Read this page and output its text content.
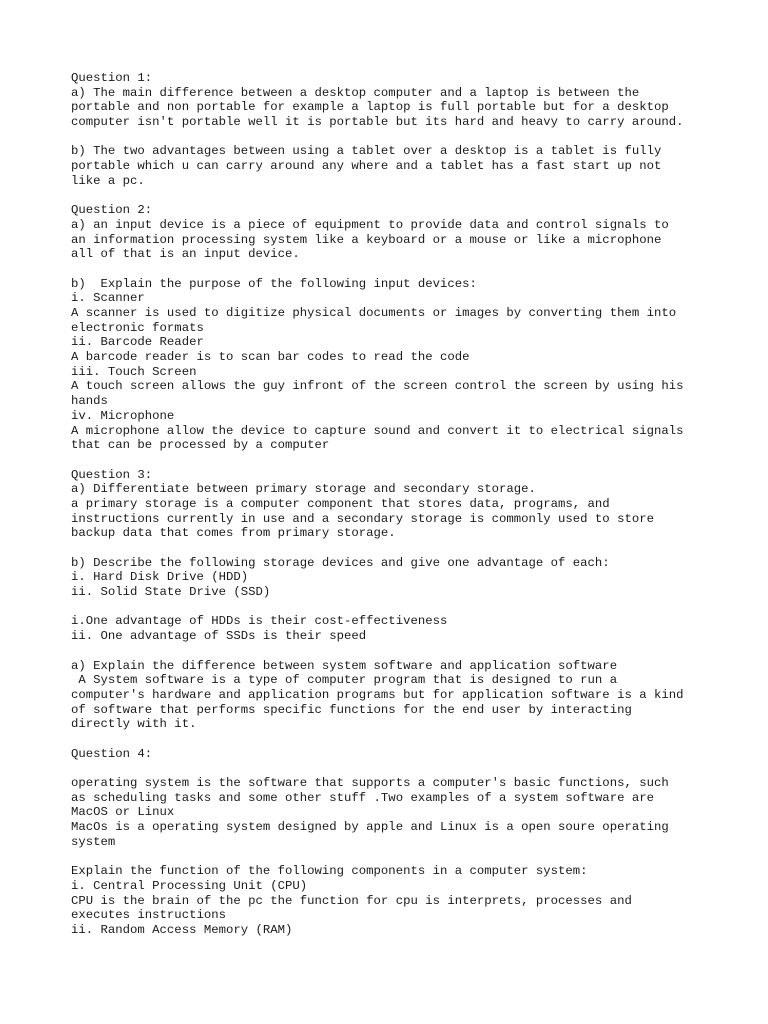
Question 1:
a) The main difference between a desktop computer and a laptop is between the
portable and non portable for example a laptop is full portable but for a desktop
computer isn't portable well it is portable but its hard and heavy to carry around.
b) The two advantages between using a tablet over a desktop is a tablet is fully
portable which u can carry around any where and a tablet has a fast start up not
like a pc.
Question 2:
a) an input device is a piece of equipment to provide data and control signals to
an information processing system like a keyboard or a mouse or like a microphone
all of that is an input device.
b)  Explain the purpose of the following input devices:
i. Scanner
A scanner is used to digitize physical documents or images by converting them into
electronic formats
ii. Barcode Reader
A barcode reader is to scan bar codes to read the code
iii. Touch Screen
A touch screen allows the guy infront of the screen control the screen by using his
hands
iv. Microphone
A microphone allow the device to capture sound and convert it to electrical signals
that can be processed by a computer
Question 3:
a) Differentiate between primary storage and secondary storage.
a primary storage is a computer component that stores data, programs, and
instructions currently in use and a secondary storage is commonly used to store
backup data that comes from primary storage.
b) Describe the following storage devices and give one advantage of each:
i. Hard Disk Drive (HDD)
ii. Solid State Drive (SSD)
i.One advantage of HDDs is their cost-effectiveness
ii. One advantage of SSDs is their speed
a) Explain the difference between system software and application software
A System software is a type of computer program that is designed to run a
computer's hardware and application programs but for application software is a kind
of software that performs specific functions for the end user by interacting
directly with it.
Question 4:
operating system is the software that supports a computer's basic functions, such
as scheduling tasks and some other stuff .Two examples of a system software are
MacOS or Linux
MacOs is a operating system designed by apple and Linux is a open soure operating
system
Explain the function of the following components in a computer system:
i. Central Processing Unit (CPU)
CPU is the brain of the pc the function for cpu is interprets, processes and
executes instructions
ii. Random Access Memory (RAM)
